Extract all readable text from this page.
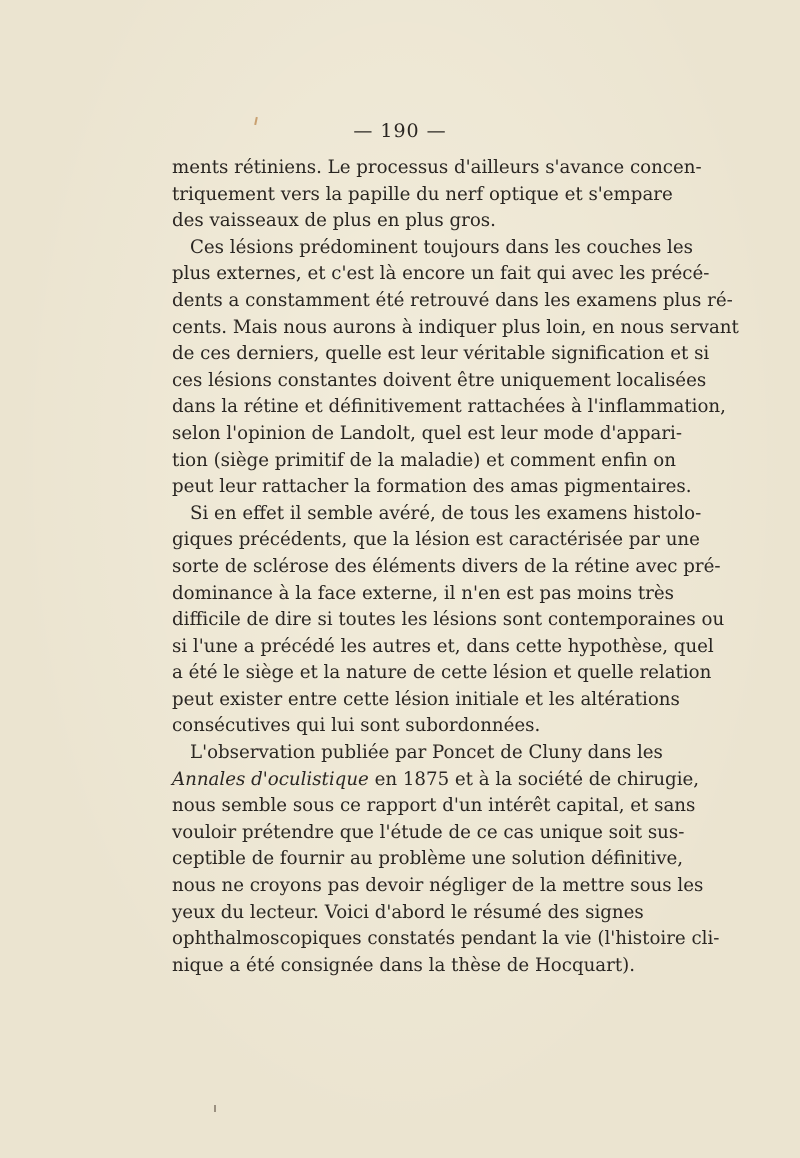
— 190 —
ments rétiniens. Le processus d'ailleurs s'avance concen-
triquement vers la papille du nerf optique et s'empare
des vaisseaux de plus en plus gros.
Ces lésions prédominent toujours dans les couches les
plus externes, et c'est là encore un fait qui avec les précé-
dents a constamment été retrouvé dans les examens plus ré-
cents. Mais nous aurons à indiquer plus loin, en nous servant
de ces derniers, quelle est leur véritable signification et si
ces lésions constantes doivent être uniquement localisées
dans la rétine et définitivement rattachées à l'inflammation,
selon l'opinion de Landolt, quel est leur mode d'appari-
tion (siège primitif de la maladie) et comment enfin on
peut leur rattacher la formation des amas pigmentaires.
Si en effet il semble avéré, de tous les examens histolo-
giques précédents, que la lésion est caractérisée par une
sorte de sclérose des éléments divers de la rétine avec pré-
dominance à la face externe, il n'en est pas moins très
difficile de dire si toutes les lésions sont contemporaines ou
si l'une a précédé les autres et, dans cette hypothèse, quel
a été le siège et la nature de cette lésion et quelle relation
peut exister entre cette lésion initiale et les altérations
consécutives qui lui sont subordonnées.
L'observation publiée par Poncet de Cluny dans les
Annales d'oculistique en 1875 et à la société de chirugie,
nous semble sous ce rapport d'un intérêt capital, et sans
vouloir prétendre que l'étude de ce cas unique soit sus-
ceptible de fournir au problème une solution définitive,
nous ne croyons pas devoir négliger de la mettre sous les
yeux du lecteur. Voici d'abord le résumé des signes
ophthalmoscopiques constatés pendant la vie (l'histoire cli-
nique a été consignée dans la thèse de Hocquart).
